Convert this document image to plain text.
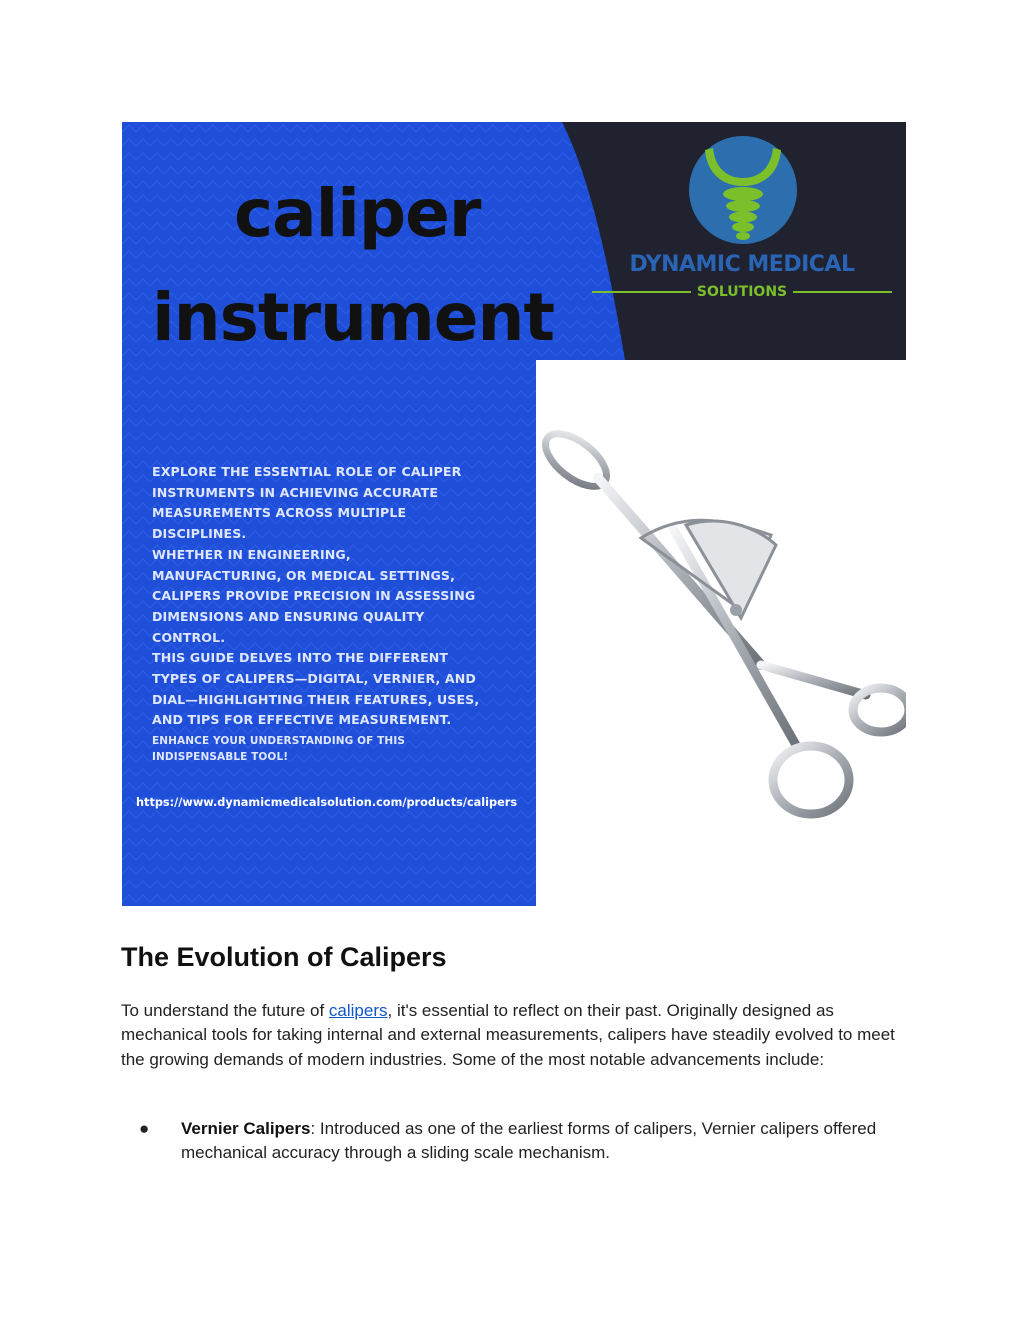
caliper
instrument
DYNAMIC MEDICAL
SOLUTIONS

EXPLORE THE ESSENTIAL ROLE OF CALIPER

INSTRUMENTS IN ACHIEVING ACCURATE

MEASUREMENTS ACROSS MULTIPLE

DISCIPLINES.

WHETHER IN ENGINEERING,

MANUFACTURING, OR MEDICAL SETTINGS,

CALIPERS PROVIDE PRECISION IN ASSESSING

DIMENSIONS AND ENSURING QUALITY

CONTROL.

THIS GUIDE DELVES INTO THE DIFFERENT

TYPES OF CALIPERS—DIGITAL, VERNIER, AND

DIAL—HIGHLIGHTING THEIR FEATURES, USES,

AND TIPS FOR EFFECTIVE MEASUREMENT.

ENHANCE YOUR UNDERSTANDING OF THIS

INDISPENSABLE TOOL!

https://www.dynamicmedicalsolution.com/products/calipers
The Evolution of Calipers

To understand the future of calipers, it's essential to reflect on their past. Originally designed as mechanical tools for taking internal and external measurements, calipers have steadily evolved to meet the growing demands of modern industries. Some of the most notable advancements include:

● Vernier Calipers: Introduced as one of the earliest forms of calipers, Vernier calipers offered mechanical accuracy through a sliding scale mechanism.
